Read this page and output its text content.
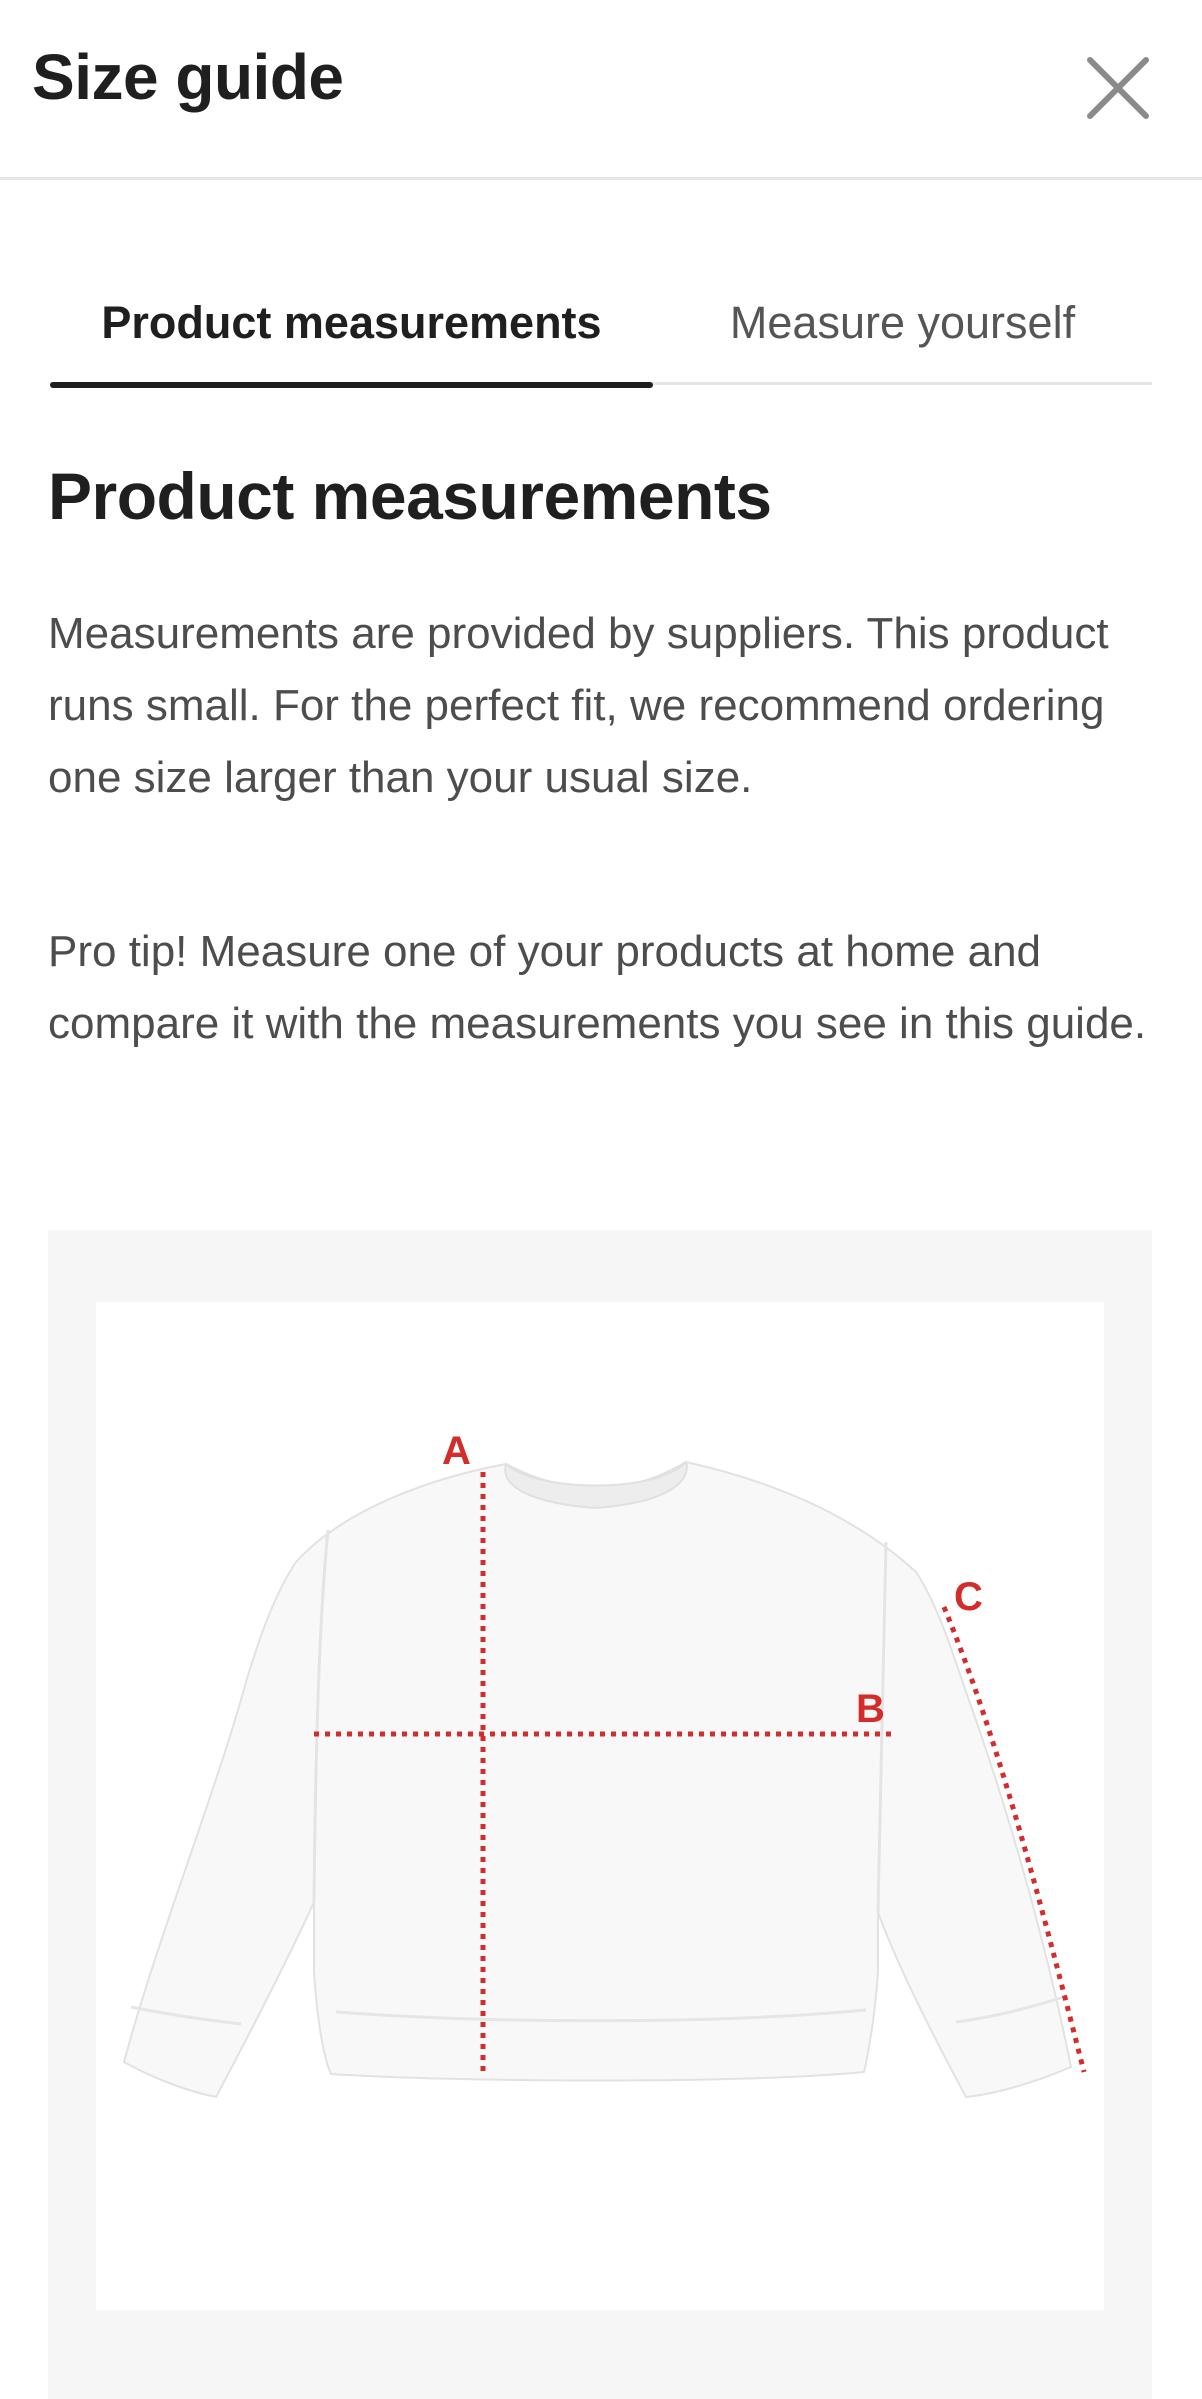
Size guide
Product measurements	Measure yourself
Product measurements

Measurements are provided by suppliers. This product runs small. For the perfect fit, we recommend ordering one size larger than your usual size.

Pro tip! Measure one of your products at home and compare it with the measurements you see in this guide.

A
B
C
